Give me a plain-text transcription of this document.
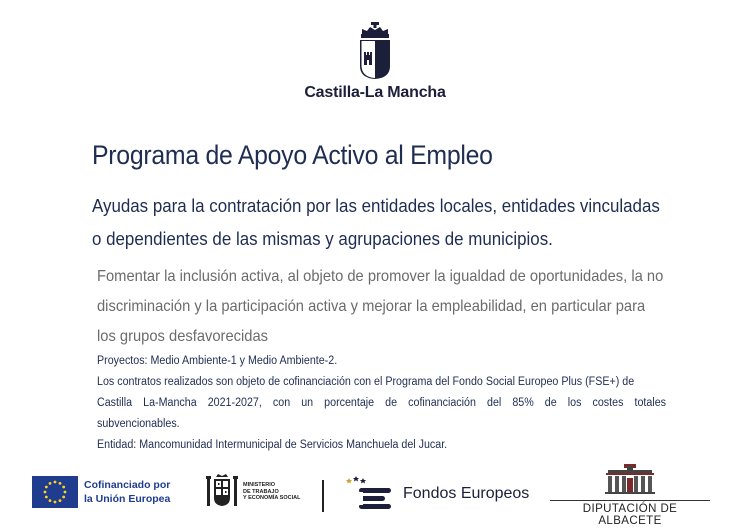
Castilla-La Mancha
Programa de Apoyo Activo al Empleo

Ayudas para la contratación por las entidades locales, entidades vinculadas
o dependientes de las mismas y agrupaciones de municipios.

Fomentar la inclusión activa, al objeto de promover la igualdad de oportunidades, la no
discriminación y la participación activa y mejorar la empleabilidad, en particular para
los grupos desfavorecidas

Proyectos: Medio Ambiente-1 y Medio Ambiente-2.
Los contratos realizados son objeto de cofinanciación con el Programa del Fondo Social Europeo Plus (FSE+) de
Castilla La-Mancha 2021-2027, con un porcentaje de cofinanciación del 85% de los costes totales
subvencionables.
Entidad: Mancomunidad Intermunicipal de Servicios Manchuela del Jucar.
Cofinanciado por
la Unión Europea
MINISTERIO
DE TRABAJO
Y ECONOMÍA SOCIAL	Fondos Europeos
DIPUTACIÓN DE ALBACETE
